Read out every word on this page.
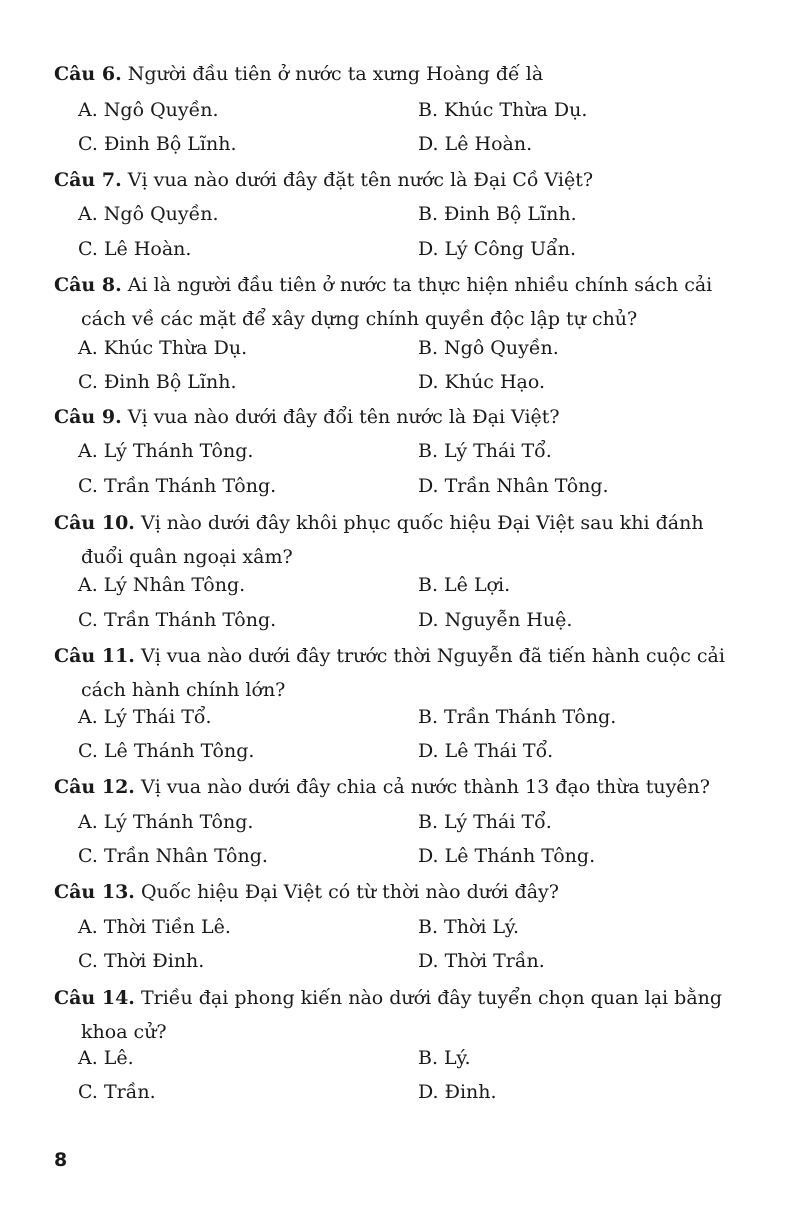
Câu 6. Người đầu tiên ở nước ta xưng Hoàng đế là
A. Ngô Quyền.	B. Khúc Thừa Dụ.
C. Đinh Bộ Lĩnh.	D. Lê Hoàn.
Câu 7. Vị vua nào dưới đây đặt tên nước là Đại Cồ Việt?
A. Ngô Quyền.	B. Đinh Bộ Lĩnh.
C. Lê Hoàn.	D. Lý Công Uẩn.
Câu 8. Ai là người đầu tiên ở nước ta thực hiện nhiều chính sách cải
cách về các mặt để xây dựng chính quyền độc lập tự chủ?
A. Khúc Thừa Dụ.	B. Ngô Quyền.
C. Đinh Bộ Lĩnh.	D. Khúc Hạo.
Câu 9. Vị vua nào dưới đây đổi tên nước là Đại Việt?
A. Lý Thánh Tông.	B. Lý Thái Tổ.
C. Trần Thánh Tông.	D. Trần Nhân Tông.
Câu 10. Vị nào dưới đây khôi phục quốc hiệu Đại Việt sau khi đánh
đuổi quân ngoại xâm?
A. Lý Nhân Tông.	B. Lê Lợi.
C. Trần Thánh Tông.	D. Nguyễn Huệ.
Câu 11. Vị vua nào dưới đây trước thời Nguyễn đã tiến hành cuộc cải
cách hành chính lớn?
A. Lý Thái Tổ.	B. Trần Thánh Tông.
C. Lê Thánh Tông.	D. Lê Thái Tổ.
Câu 12. Vị vua nào dưới đây chia cả nước thành 13 đạo thừa tuyên?
A. Lý Thánh Tông.	B. Lý Thái Tổ.
C. Trần Nhân Tông.	D. Lê Thánh Tông.
Câu 13. Quốc hiệu Đại Việt có từ thời nào dưới đây?
A. Thời Tiền Lê.	B. Thời Lý.
C. Thời Đinh.	D. Thời Trần.
Câu 14. Triều đại phong kiến nào dưới đây tuyển chọn quan lại bằng
khoa cử?
A. Lê.	B. Lý.
C. Trần.	D. Đinh.
8
